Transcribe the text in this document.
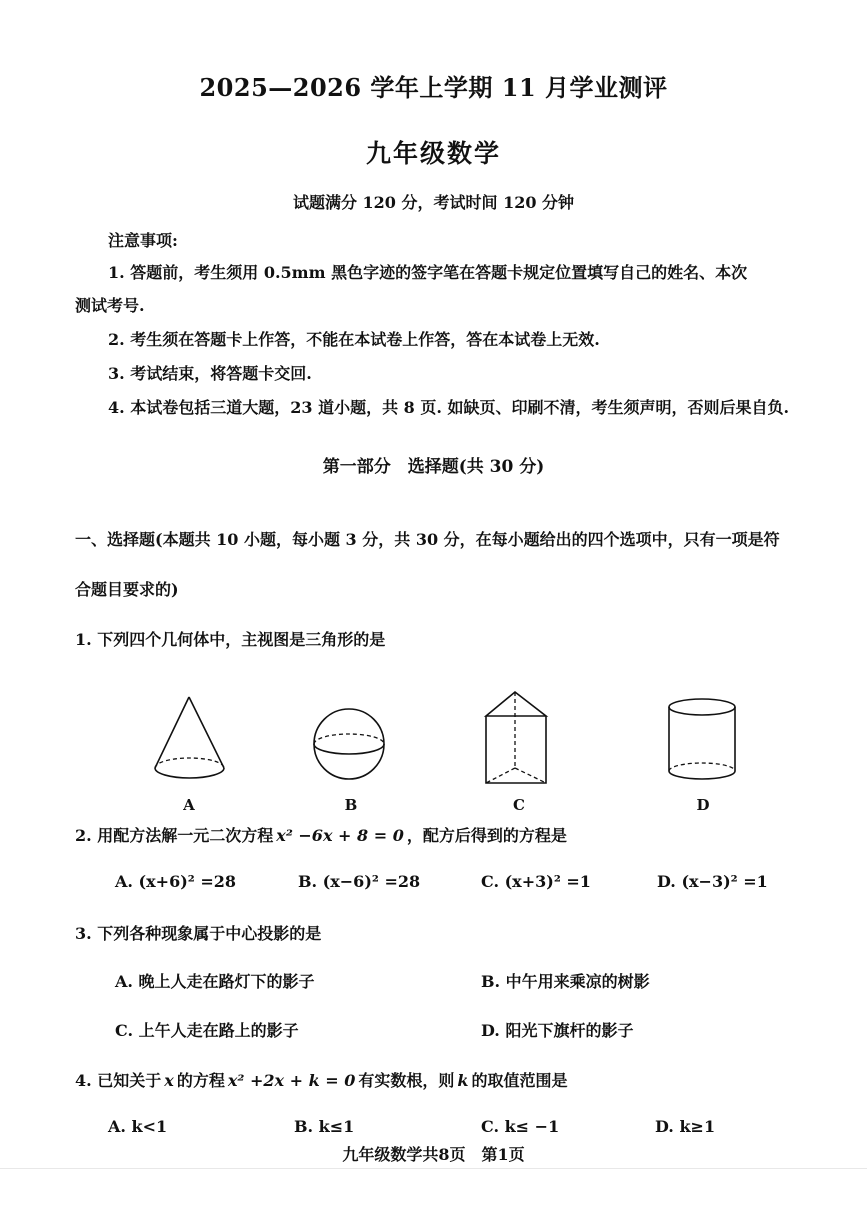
2025—2026 学年上学期 11 月学业测评
九年级数学
试题满分 120 分，考试时间 120 分钟
注意事项:
1. 答题前，考生须用 0.5mm 黑色字迹的签字笔在答题卡规定位置填写自己的姓名、本次
测试考号.
2. 考生须在答题卡上作答，不能在本试卷上作答，答在本试卷上无效.
3. 考试结束，将答题卡交回.
4. 本试卷包括三道大题，23 道小题，共 8 页. 如缺页、印刷不清，考生须声明，否则后果自负.
第一部分　选择题(共 30 分)
一、选择题(本题共 10 小题，每小题 3 分，共 30 分，在每小题给出的四个选项中，只有一项是符
合题目要求的)
1. 下列四个几何体中，主视图是三角形的是
A	B	C	D
2. 用配方法解一元二次方程 x² −6x + 8 = 0 ，配方后得到的方程是
A. (x+6)² =28	B. (x−6)² =28	C. (x+3)² =1	D. (x−3)² =1
3. 下列各种现象属于中心投影的是
A. 晚上人走在路灯下的影子	B. 中午用来乘凉的树影
C. 上午人走在路上的影子	D. 阳光下旗杆的影子
4. 已知关于 x 的方程 x² +2x + k = 0 有实数根，则 k 的取值范围是
A. k<1	B. k≤1	C. k≤ −1	D. k≥1
九年级数学共8页　第1页
